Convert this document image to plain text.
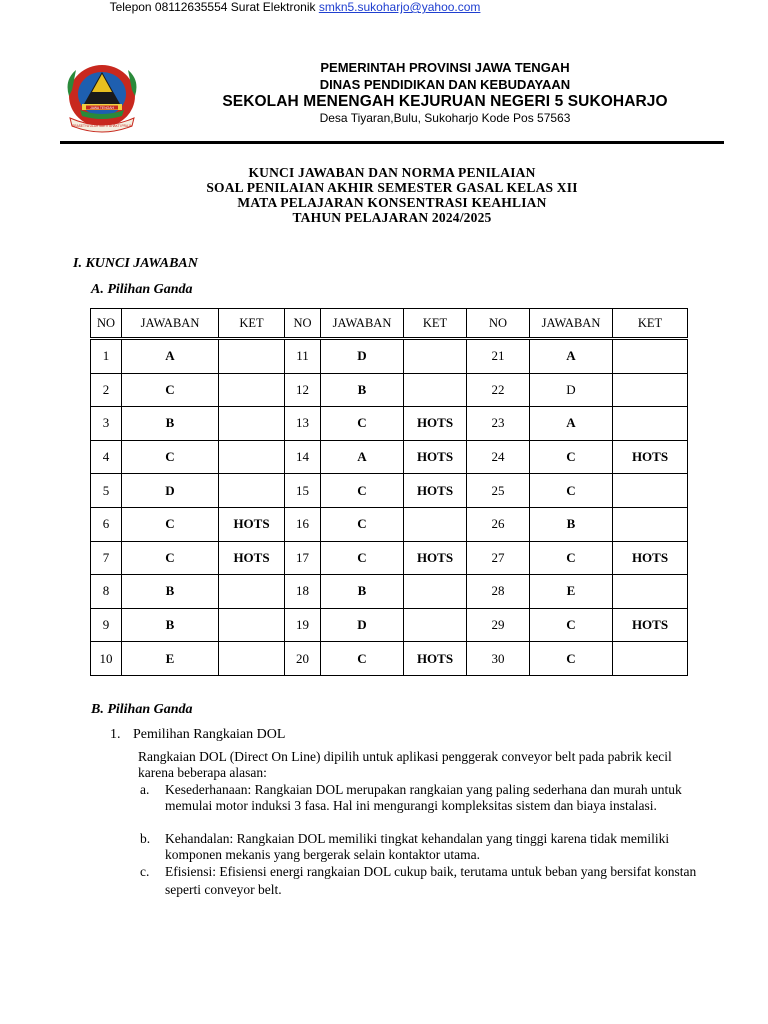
PRASETYA ULAH SAKTI BHAKTI PRAJA
JAWA TENGAH
PEMERINTAH PROVINSI JAWA TENGAH
DINAS PENDIDIKAN DAN KEBUDAYAAN
SEKOLAH MENENGAH KEJURUAN NEGERI 5 SUKOHARJO
Desa Tiyaran,Bulu, Sukoharjo Kode Pos 57563
Telepon 08112635554 Surat Elektronik smkn5.sukoharjo@yahoo.com
KUNCI JAWABAN DAN NORMA PENILAIAN
SOAL PENILAIAN AKHIR SEMESTER GASAL KELAS XII
MATA PELAJARAN KONSENTRASI KEAHLIAN
TAHUN PELAJARAN 2024/2025
I. KUNCI JAWABAN
A. Pilihan Ganda
NO	JAWABAN	KET	NO	JAWABAN	KET	NO	JAWABAN	KET
1	A		11	D		21	A	
2	C		12	B		22	D	
3	B		13	C	HOTS	23	A	
4	C		14	A	HOTS	24	C	HOTS
5	D		15	C	HOTS	25	C	
6	C	HOTS	16	C		26	B	
7	C	HOTS	17	C	HOTS	27	C	HOTS
8	B		18	B		28	E	
9	B		19	D		29	C	HOTS
10	E		20	C	HOTS	30	C	
B. Pilihan Ganda
1. Pemilihan Rangkaian DOL
Rangkaian DOL (Direct On Line) dipilih untuk aplikasi penggerak conveyor belt pada pabrik kecil karena beberapa alasan:
a. Kesederhanaan: Rangkaian DOL merupakan rangkaian yang paling sederhana dan murah untuk memulai motor induksi 3 fasa. Hal ini mengurangi kompleksitas sistem dan biaya instalasi.
b. Kehandalan: Rangkaian DOL memiliki tingkat kehandalan yang tinggi karena tidak memiliki komponen mekanis yang bergerak selain kontaktor utama.
c. Efisiensi: Efisiensi energi rangkaian DOL cukup baik, terutama untuk beban yang bersifat konstan seperti conveyor belt.
